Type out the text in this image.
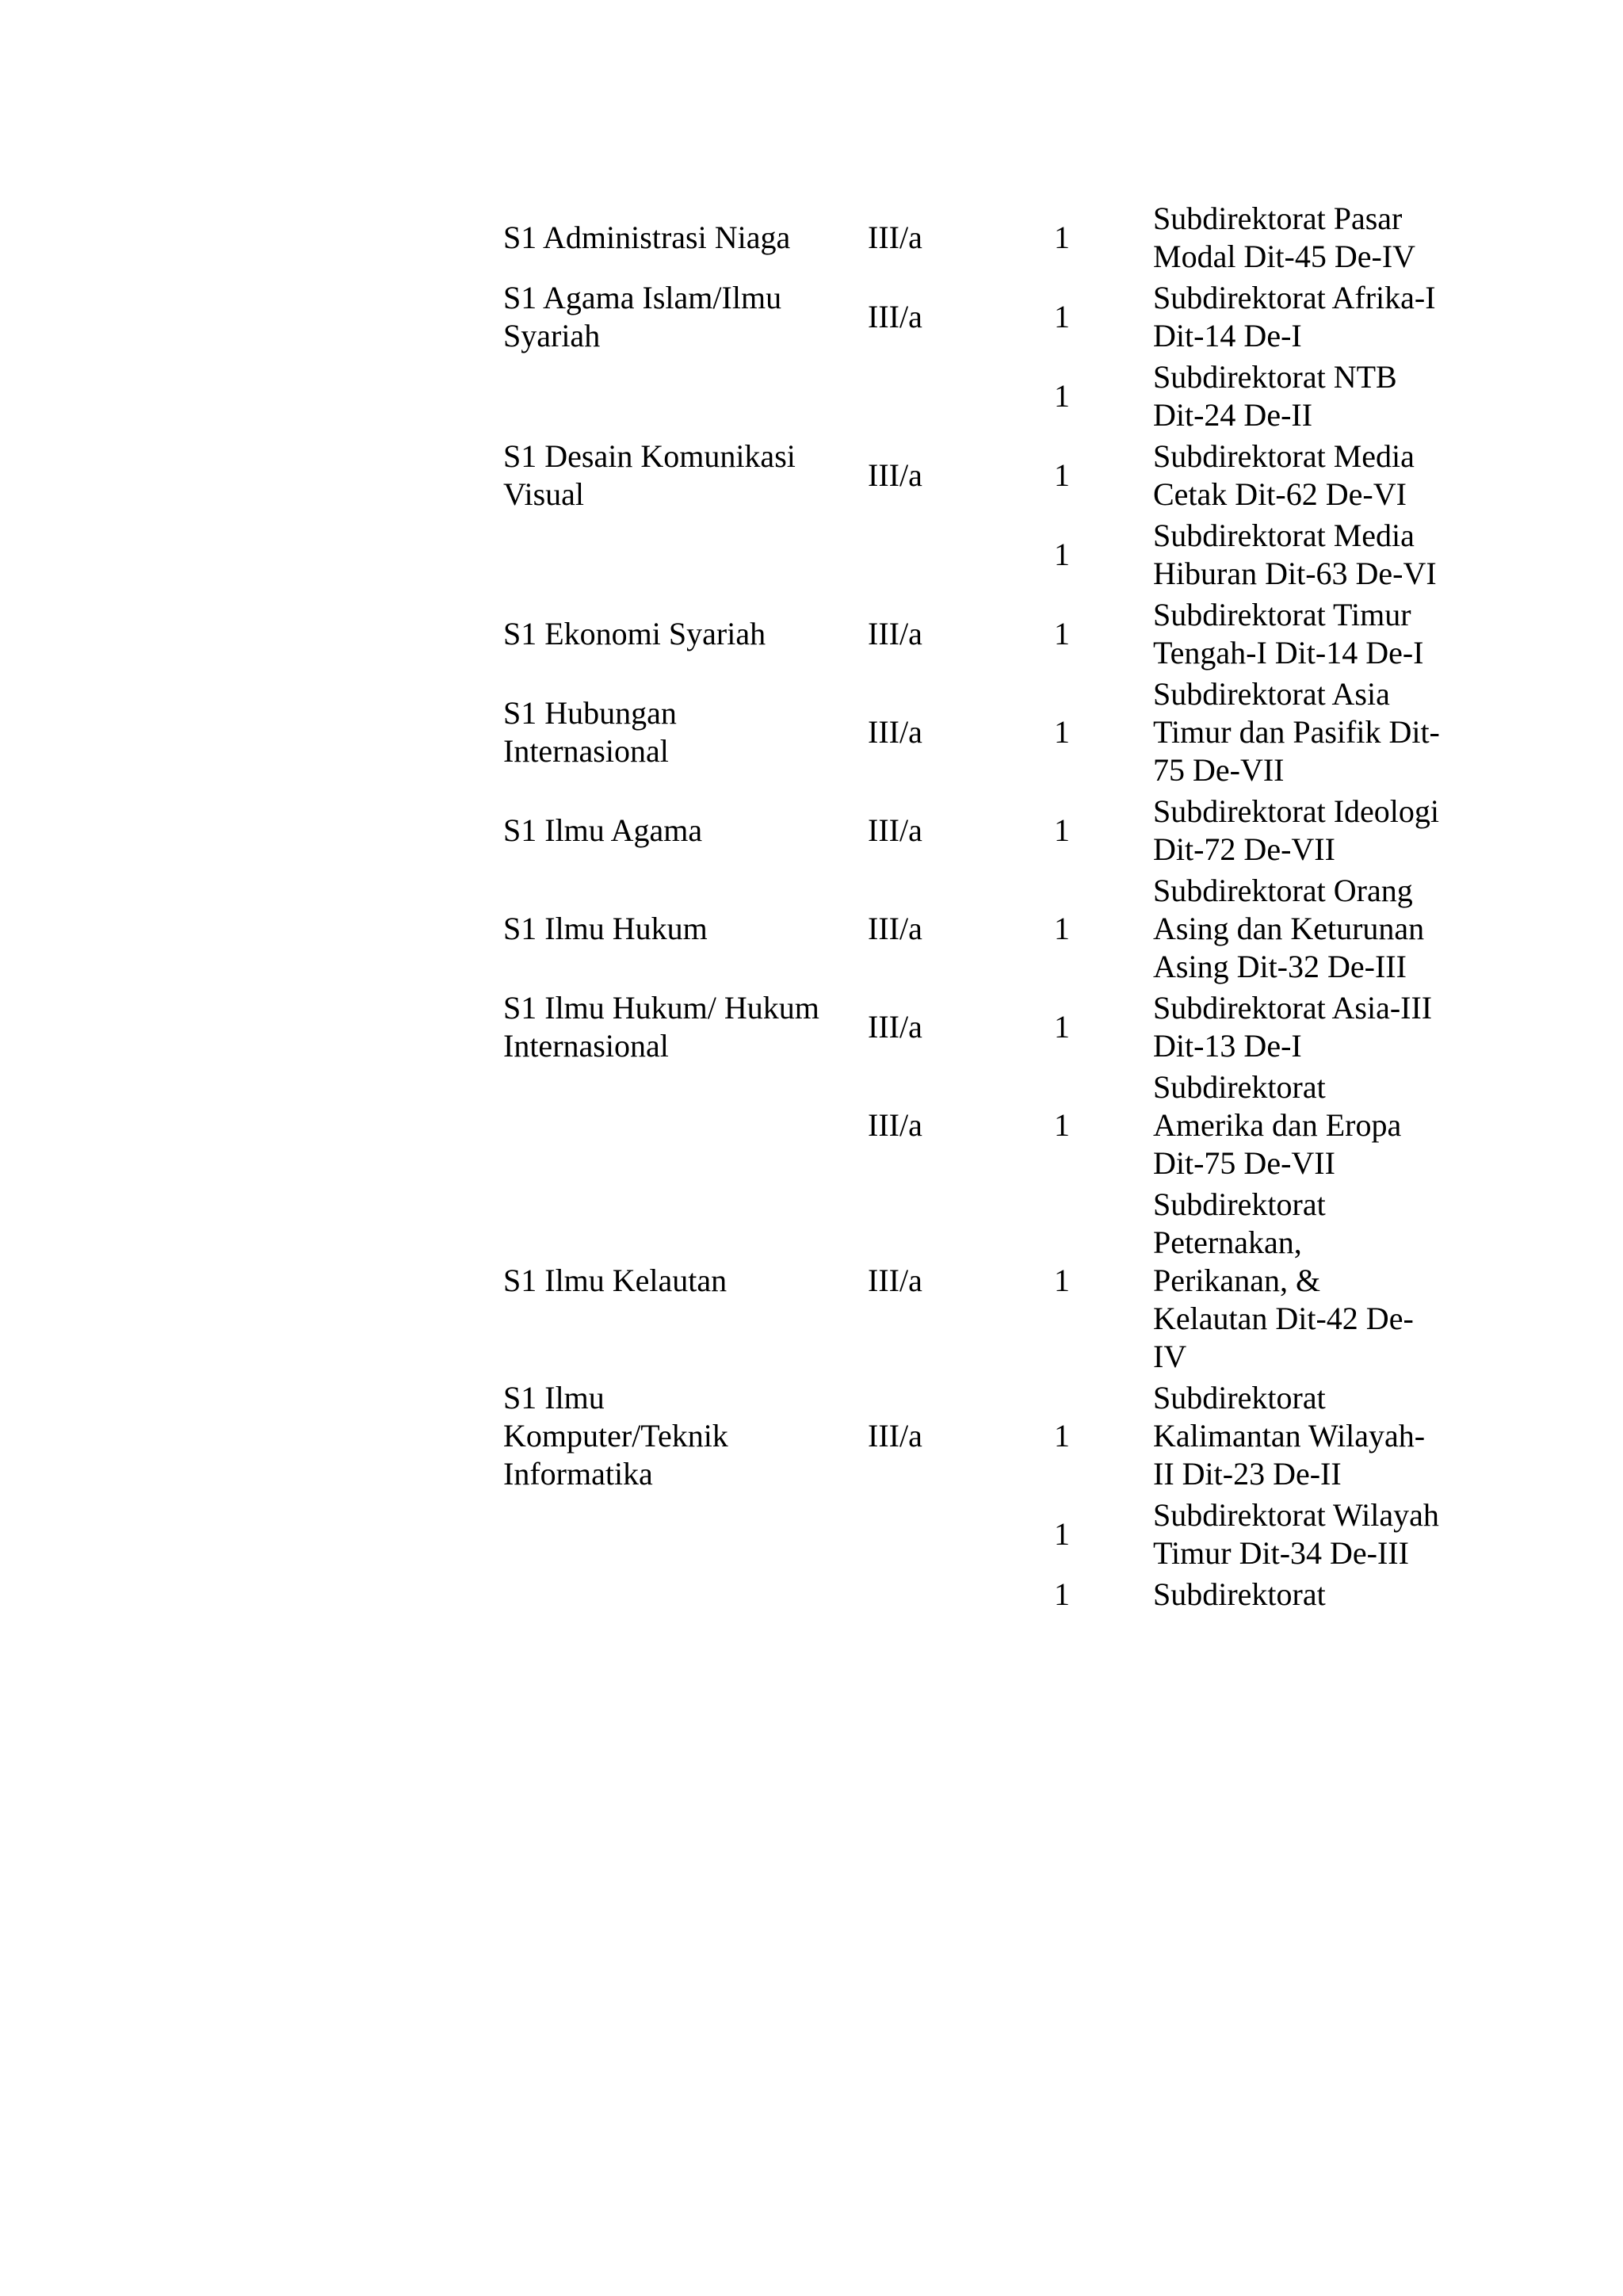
S1 Administrasi Niaga	III/a	1	Subdirektorat Pasar Modal Dit-45 De-IV
S1 Agama Islam/Ilmu Syariah	III/a	1	Subdirektorat Afrika-I Dit-14 De-I
		1	Subdirektorat NTB Dit-24 De-II
S1 Desain Komunikasi Visual	III/a	1	Subdirektorat Media Cetak Dit-62 De-VI
		1	Subdirektorat Media Hiburan Dit-63 De-VI
S1 Ekonomi Syariah	III/a	1	Subdirektorat Timur Tengah-I Dit-14 De-I
S1 Hubungan Internasional	III/a	1	Subdirektorat Asia Timur dan Pasifik Dit-75 De-VII
S1 Ilmu Agama	III/a	1	Subdirektorat Ideologi Dit-72 De-VII
S1 Ilmu Hukum	III/a	1	Subdirektorat Orang Asing dan Keturunan Asing Dit-32 De-III
S1 Ilmu Hukum/ Hukum Internasional	III/a	1	Subdirektorat Asia-III Dit-13 De-I
	III/a	1	Subdirektorat Amerika dan Eropa Dit-75 De-VII
S1 Ilmu Kelautan	III/a	1	Subdirektorat Peternakan, Perikanan, & Kelautan Dit-42 De-IV
S1 Ilmu Komputer/Teknik Informatika	III/a	1	Subdirektorat Kalimantan Wilayah-II Dit-23 De-II
		1	Subdirektorat Wilayah Timur Dit-34 De-III
		1	Subdirektorat
